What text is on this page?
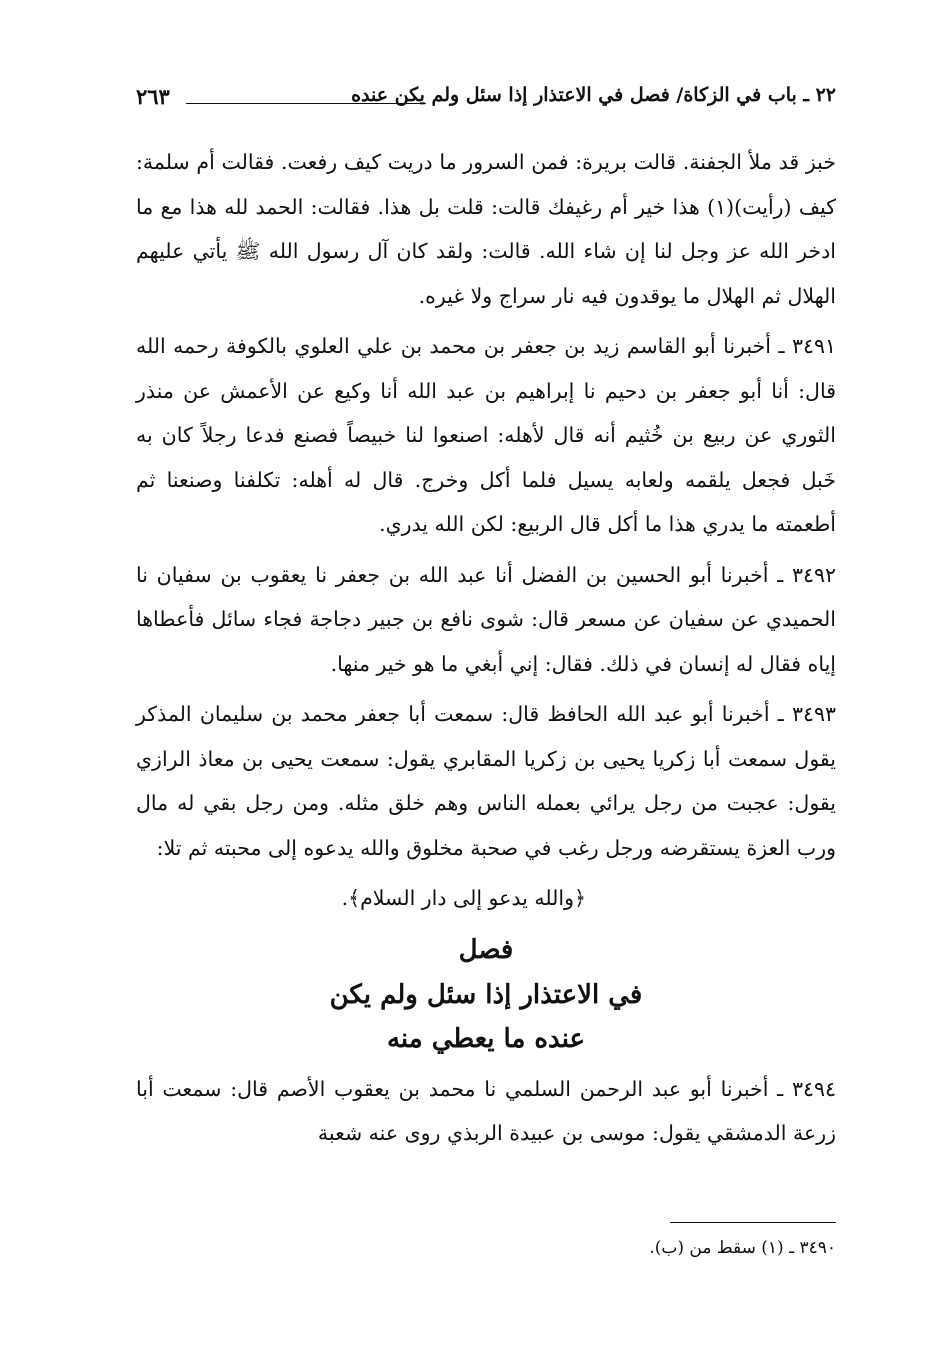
٢٢ ـ باب في الزكاة/ فصل في الاعتذار إذا سئل ولم يكن عنده
٢٦٣

خبز قد ملأ الجفنة. قالت بريرة: فمن السرور ما دريت كيف رفعت. فقالت أم سلمة: كيف (رأيت)(١) هذا خير أم رغيفك قالت: قلت بل هذا. فقالت: الحمد لله هذا مع ما ادخر الله عز وجل لنا إن شاء الله. قالت: ولقد كان آل رسول الله ﷺ يأتي عليهم الهلال ثم الهلال ما يوقدون فيه نار سراج ولا غيره.

٣٤٩١ ـ أخبرنا أبو القاسم زيد بن جعفر بن محمد بن علي العلوي بالكوفة رحمه الله قال: أنا أبو جعفر بن دحيم نا إبراهيم بن عبد الله أنا وكيع عن الأعمش عن منذر الثوري عن ربيع بن خُثيم أنه قال لأهله: اصنعوا لنا خبيصاً فصنع فدعا رجلاً كان به خَبل فجعل يلقمه ولعابه يسيل فلما أكل وخرج. قال له أهله: تكلفنا وصنعنا ثم أطعمته ما يدري هذا ما أكل قال الربيع: لكن الله يدري.

٣٤٩٢ ـ أخبرنا أبو الحسين بن الفضل أنا عبد الله بن جعفر نا يعقوب بن سفيان نا الحميدي عن سفيان عن مسعر قال: شوى نافع بن جبير دجاجة فجاء سائل فأعطاها إياه فقال له إنسان في ذلك. فقال: إني أبغي ما هو خير منها.

٣٤٩٣ ـ أخبرنا أبو عبد الله الحافظ قال: سمعت أبا جعفر محمد بن سليمان المذكر يقول سمعت أبا زكريا يحيى بن زكريا المقابري يقول: سمعت يحيى بن معاذ الرازي يقول: عجبت من رجل يرائي بعمله الناس وهم خلق مثله. ومن رجل بقي له مال ورب العزة يستقرضه ورجل رغب في صحبة مخلوق والله يدعوه إلى محبته ثم تلا:

﴿والله يدعو إلى دار السلام﴾.

فصل
في الاعتذار إذا سئل ولم يكن
عنده ما يعطي منه

٣٤٩٤ ـ أخبرنا أبو عبد الرحمن السلمي نا محمد بن يعقوب الأصم قال: سمعت أبا زرعة الدمشقي يقول: موسى بن عبيدة الربذي روى عنه شعبة

٣٤٩٠ ـ (١) سقط من (ب).
